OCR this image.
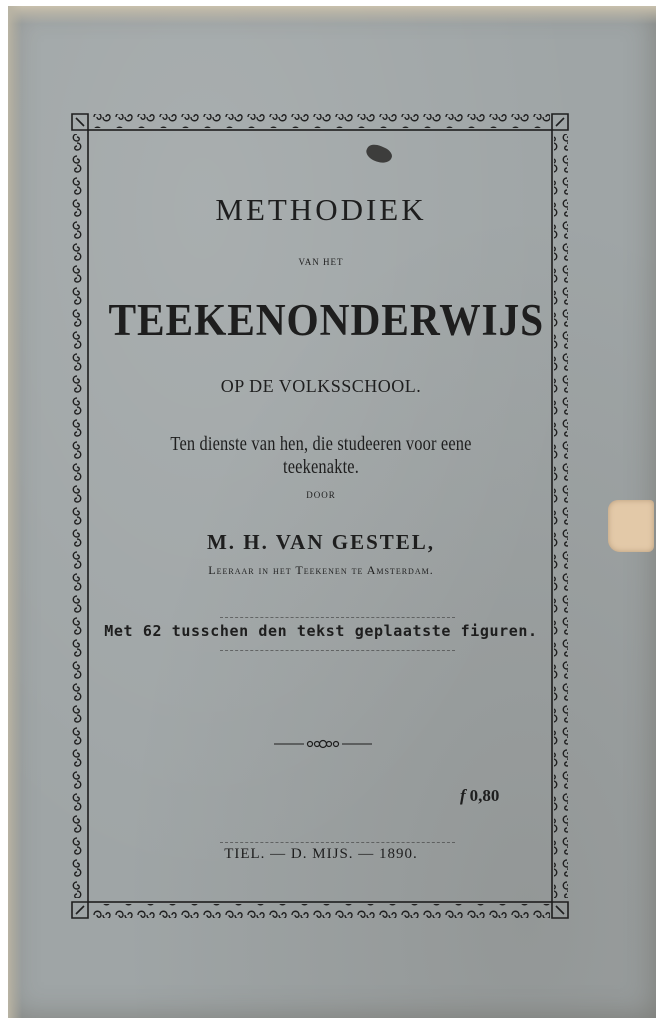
METHODIEK
VAN HET
TEEKENONDERWIJS
OP DE VOLKSSCHOOL.
Ten dienste van hen, die studeeren voor eene teekenakte.
DOOR
M. H. VAN GESTEL,
Leeraar in het Teekenen te Amsterdam.
Met 62 tusschen den tekst geplaatste figuren.
f 0,80
TIEL. — D. MIJS. — 1890.
